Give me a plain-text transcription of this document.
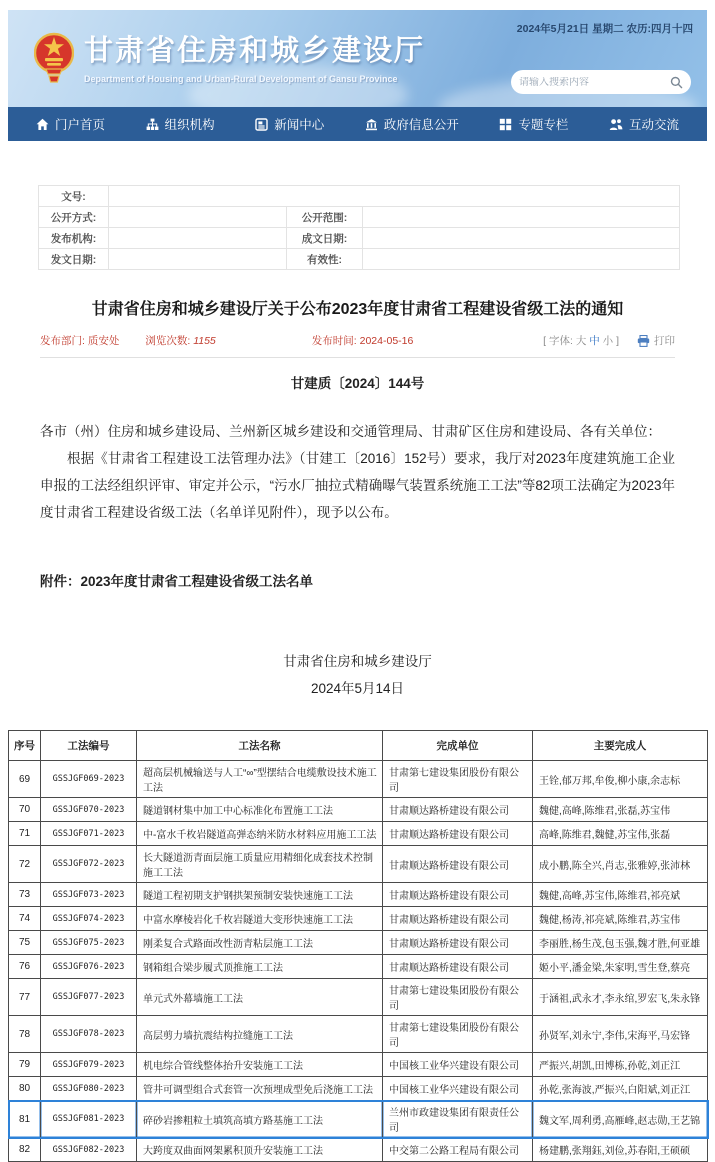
甘肃省住房和城乡建设厅
Department of Housing and Urban-Rural Development of Gansu Province
2024年5月21日 星期二 农历:四月十四
请输入搜索内容
门户首页	组织机构	新闻中心	政府信息公开	专题专栏	互动交流
文号:			
公开方式:		公开范围:	
发布机构:		成文日期:	
发文日期:		有效性:	
甘肃省住房和城乡建设厅关于公布2023年度甘肃省工程建设省级工法的通知
发布部门: 质安处 浏览次数: 1155	发布时间: 2024-05-16	[ 字体: 大 中 小 ]	打印
甘建质〔2024〕144号

各市（州）住房和城乡建设局、兰州新区城乡建设和交通管理局、甘肃矿区住房和建设局、各有关单位：

根据《甘肃省工程建设工法管理办法》（甘建工〔2016〕152号）要求，我厅对2023年度建筑施工企业申报的工法经组织评审、审定并公示，“污水厂抽拉式精确曝气装置系统施工工法”等82项工法确定为2023年度甘肃省工程建设省级工法（名单详见附件），现予以公布。

附件：2023年度甘肃省工程建设省级工法名单
甘肃省住房和城乡建设厅
2024年5月14日
序号	工法编号	工法名称	完成单位	主要完成人
69	GSSJGF069-2023	超高层机械输送与人工“∞”型摆结合电缆敷设技术施工工法	甘肃第七建设集团股份有限公司	王铨,郁万邦,牟俊,柳小康,余志标
70	GSSJGF070-2023	隧道钢材集中加工中心标准化布置施工工法	甘肃顺达路桥建设有限公司	魏健,高峰,陈维君,张磊,苏宝伟
71	GSSJGF071-2023	中-富水千枚岩隧道高弹态纳米防水材料应用施工工法	甘肃顺达路桥建设有限公司	高峰,陈维君,魏健,苏宝伟,张磊
72	GSSJGF072-2023	长大隧道沥青面层施工质量应用精细化成套技术控制施工工法	甘肃顺达路桥建设有限公司	成小鹏,陈全兴,肖志,张雅婷,张沛林
73	GSSJGF073-2023	隧道工程初期支护钢拱架预制安装快速施工工法	甘肃顺达路桥建设有限公司	魏健,高峰,苏宝伟,陈维君,祁亮斌
74	GSSJGF074-2023	中富水摩棱岩化千枚岩隧道大变形快速施工工法	甘肃顺达路桥建设有限公司	魏健,杨涛,祁亮斌,陈维君,苏宝伟
75	GSSJGF075-2023	刚柔复合式路面改性沥青粘层施工工法	甘肃顺达路桥建设有限公司	李丽胜,杨生茂,包玉强,魏才胜,何亚雄
76	GSSJGF076-2023	钢箱组合梁步履式顶推施工工法	甘肃顺达路桥建设有限公司	姬小平,潘金梁,朱家明,雪生登,蔡亮
77	GSSJGF077-2023	单元式外幕墙施工工法	甘肃第七建设集团股份有限公司	于涵祖,武永才,李永绾,罗宏飞,朱永锋
78	GSSJGF078-2023	高层剪力墙抗震结构拉缝施工工法	甘肃第七建设集团股份有限公司	孙贤军,刘永宁,李伟,宋海平,马宏锋
79	GSSJGF079-2023	机电综合管线整体抬升安装施工工法	中国核工业华兴建设有限公司	严振兴,胡凯,田博栋,孙乾,刘正江
80	GSSJGF080-2023	管井可调型组合式套管一次预埋成型免后浇施工工法	中国核工业华兴建设有限公司	孙乾,张海波,严振兴,白阳斌,刘正江
81	GSSJGF081-2023	碎砂岩掺粗粒土填筑高填方路基施工工法	兰州市政建设集团有限责任公司	魏文军,周利勇,高雁峰,赵志勋,王艺锦
82	GSSJGF082-2023	大跨度双曲面网架累积顶升安装施工工法	中交第二公路工程局有限公司	杨建鹏,张翔鈺,刘俭,苏春阳,王硕硕
